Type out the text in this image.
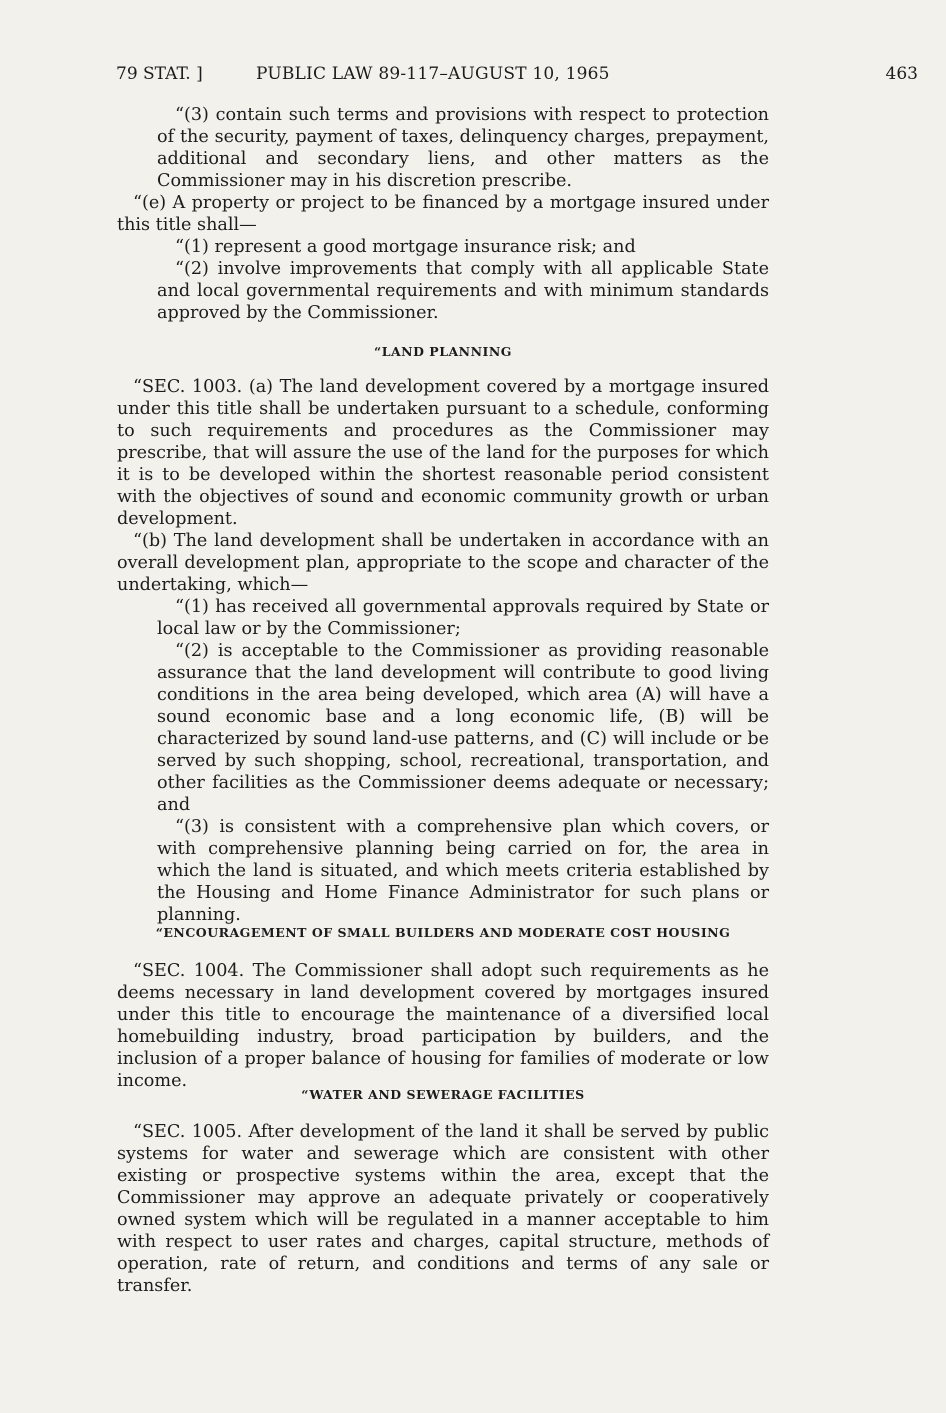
79 STAT. ]	PUBLIC LAW 89-117–AUGUST 10, 1965	463

“(3) contain such terms and provisions with respect to protection of the security, payment of taxes, delinquency charges, prepayment, additional and secondary liens, and other matters as the Commissioner may in his discretion prescribe.

“(e) A property or project to be financed by a mortgage insured under this title shall—

“(1) represent a good mortgage insurance risk; and

“(2) involve improvements that comply with all applicable State and local governmental requirements and with minimum standards approved by the Commissioner.

“LAND PLANNING

“SEC. 1003. (a) The land development covered by a mortgage insured under this title shall be undertaken pursuant to a schedule, conforming to such requirements and procedures as the Commissioner may prescribe, that will assure the use of the land for the purposes for which it is to be developed within the shortest reasonable period consistent with the objectives of sound and economic community growth or urban development.

“(b) The land development shall be undertaken in accordance with an overall development plan, appropriate to the scope and character of the undertaking, which—

“(1) has received all governmental approvals required by State or local law or by the Commissioner;

“(2) is acceptable to the Commissioner as providing reasonable assurance that the land development will contribute to good living conditions in the area being developed, which area (A) will have a sound economic base and a long economic life, (B) will be characterized by sound land-use patterns, and (C) will include or be served by such shopping, school, recreational, transportation, and other facilities as the Commissioner deems adequate or necessary; and

“(3) is consistent with a comprehensive plan which covers, or with comprehensive planning being carried on for, the area in which the land is situated, and which meets criteria established by the Housing and Home Finance Administrator for such plans or planning.

“ENCOURAGEMENT OF SMALL BUILDERS AND MODERATE COST HOUSING

“SEC. 1004. The Commissioner shall adopt such requirements as he deems necessary in land development covered by mortgages insured under this title to encourage the maintenance of a diversified local homebuilding industry, broad participation by builders, and the inclusion of a proper balance of housing for families of moderate or low income.

“WATER AND SEWERAGE FACILITIES

“SEC. 1005. After development of the land it shall be served by public systems for water and sewerage which are consistent with other existing or prospective systems within the area, except that the Commissioner may approve an adequate privately or cooperatively owned system which will be regulated in a manner acceptable to him with respect to user rates and charges, capital structure, methods of operation, rate of return, and conditions and terms of any sale or transfer.
